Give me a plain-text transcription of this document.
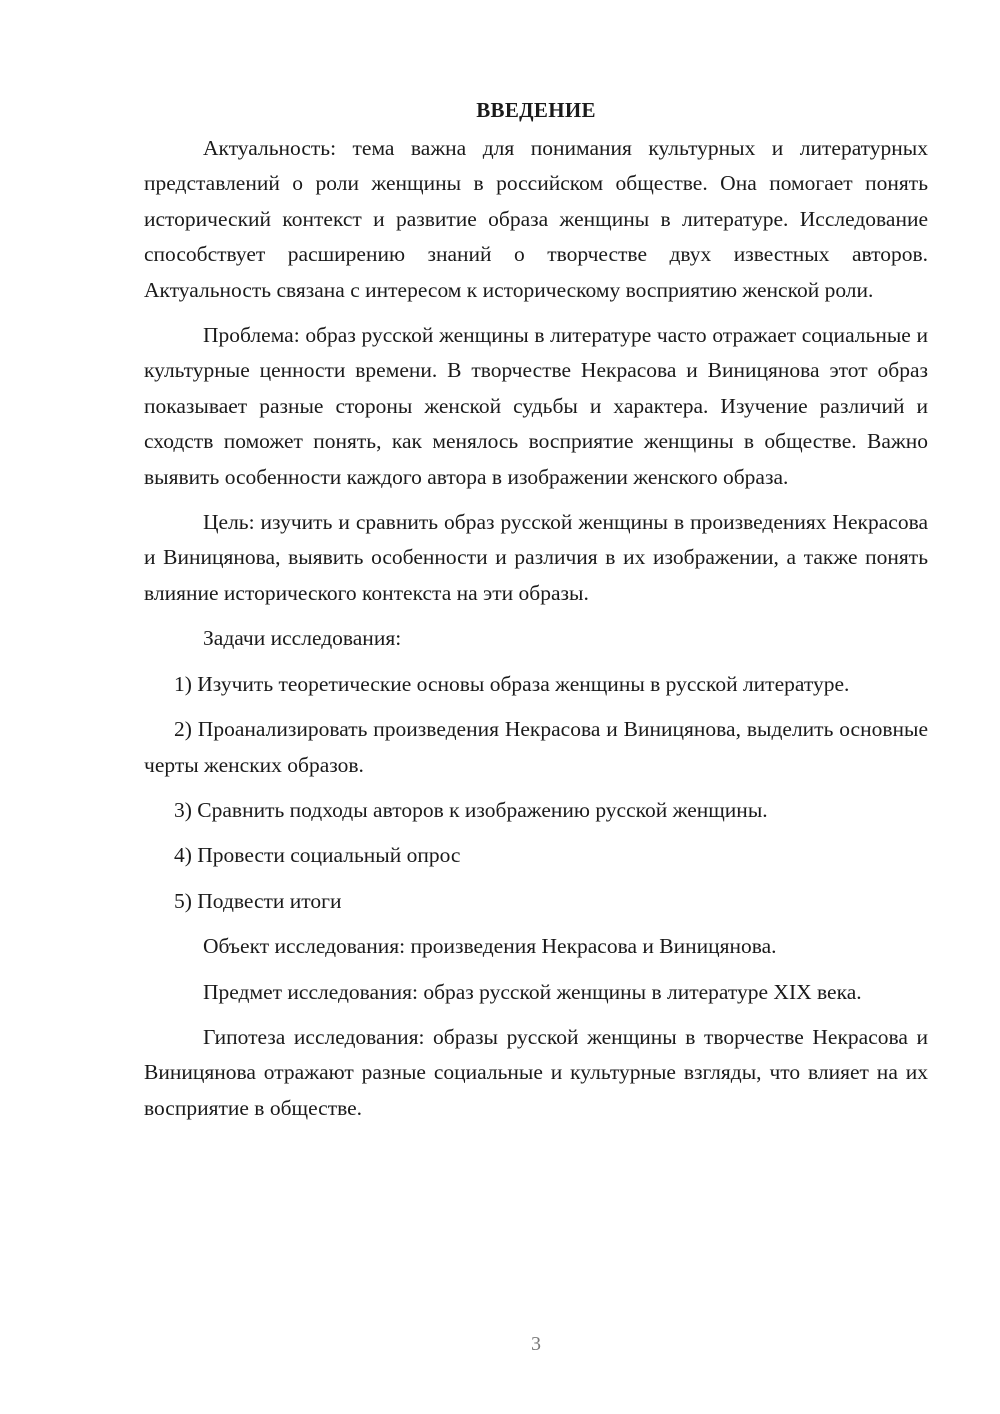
ВВЕДЕНИЕ

Актуальность: тема важна для понимания культурных и литературных представлений о роли женщины в российском обществе. Она помогает понять исторический контекст и развитие образа женщины в литературе. Исследование способствует расширению знаний о творчестве двух известных авторов. Актуальность связана с интересом к историческому восприятию женской роли.

Проблема: образ русской женщины в литературе часто отражает социальные и культурные ценности времени. В творчестве Некрасова и Виницянова этот образ показывает разные стороны женской судьбы и характера. Изучение различий и сходств поможет понять, как менялось восприятие женщины в обществе. Важно выявить особенности каждого автора в изображении женского образа.

Цель: изучить и сравнить образ русской женщины в произведениях Некрасова и Виницянова, выявить особенности и различия в их изображении, а также понять влияние исторического контекста на эти образы.

Задачи исследования:

1) Изучить теоретические основы образа женщины в русской литературе.

2) Проанализировать произведения Некрасова и Виницянова, выделить основные черты женских образов.

3) Сравнить подходы авторов к изображению русской женщины.

4) Провести социальный опрос

5) Подвести итоги

Объект исследования: произведения Некрасова и Виницянова.

Предмет исследования: образ русской женщины в литературе XIX века.

Гипотеза исследования: образы русской женщины в творчестве Некрасова и Виницянова отражают разные социальные и культурные взгляды, что влияет на их восприятие в обществе.

3
